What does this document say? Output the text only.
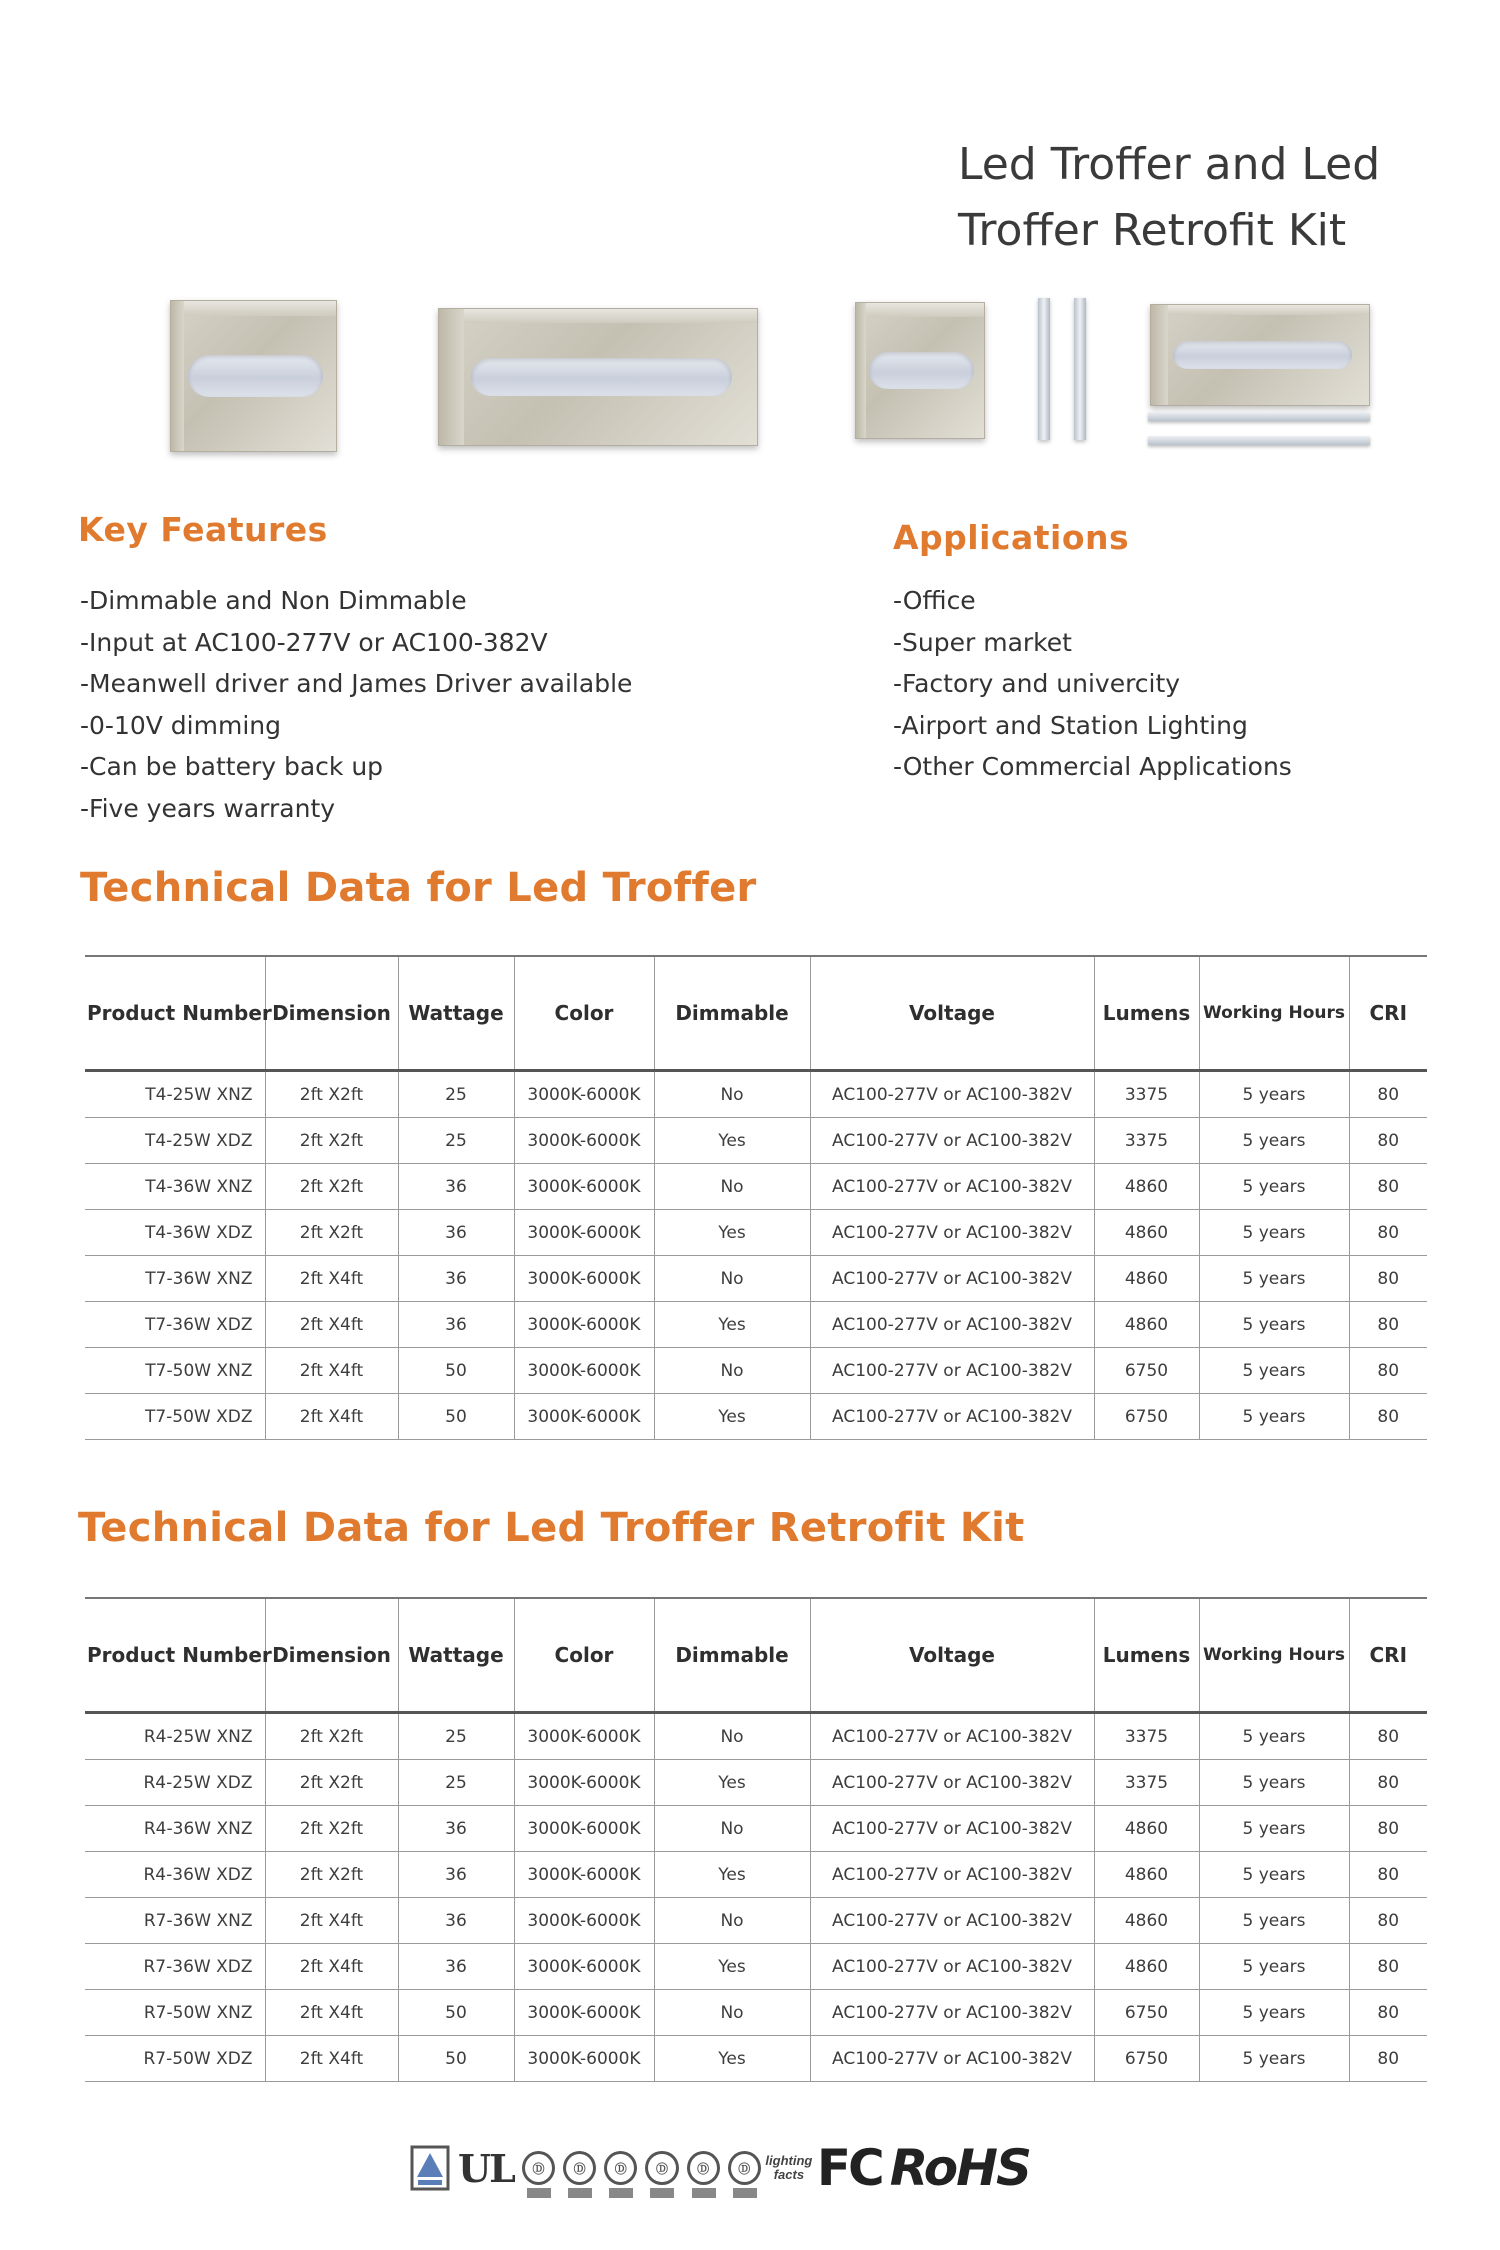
Led Troffer and Led
Troffer Retrofit Kit
Key Features
-Dimmable and Non Dimmable
-Input at AC100-277V or AC100-382V
-Meanwell driver and James Driver available
-0-10V dimming
-Can be battery back up
-Five years warranty
Applications
-Office
-Super market
-Factory and univercity
-Airport and Station Lighting
-Other Commercial Applications
Technical Data for Led Troffer
Product Number	Dimension	Wattage	Color	Dimmable	Voltage	Lumens	Working Hours	CRI
T4-25W XNZ	2ft X2ft	25	3000K-6000K	No	AC100-277V or AC100-382V	3375	5 years	80
T4-25W XDZ	2ft X2ft	25	3000K-6000K	Yes	AC100-277V or AC100-382V	3375	5 years	80
T4-36W XNZ	2ft X2ft	36	3000K-6000K	No	AC100-277V or AC100-382V	4860	5 years	80
T4-36W XDZ	2ft X2ft	36	3000K-6000K	Yes	AC100-277V or AC100-382V	4860	5 years	80
T7-36W XNZ	2ft X4ft	36	3000K-6000K	No	AC100-277V or AC100-382V	4860	5 years	80
T7-36W XDZ	2ft X4ft	36	3000K-6000K	Yes	AC100-277V or AC100-382V	4860	5 years	80
T7-50W XNZ	2ft X4ft	50	3000K-6000K	No	AC100-277V or AC100-382V	6750	5 years	80
T7-50W XDZ	2ft X4ft	50	3000K-6000K	Yes	AC100-277V or AC100-382V	6750	5 years	80
Technical Data for Led Troffer Retrofit Kit
Product Number	Dimension	Wattage	Color	Dimmable	Voltage	Lumens	Working Hours	CRI
R4-25W XNZ	2ft X2ft	25	3000K-6000K	No	AC100-277V or AC100-382V	3375	5 years	80
R4-25W XDZ	2ft X2ft	25	3000K-6000K	Yes	AC100-277V or AC100-382V	3375	5 years	80
R4-36W XNZ	2ft X2ft	36	3000K-6000K	No	AC100-277V or AC100-382V	4860	5 years	80
R4-36W XDZ	2ft X2ft	36	3000K-6000K	Yes	AC100-277V or AC100-382V	4860	5 years	80
R7-36W XNZ	2ft X4ft	36	3000K-6000K	No	AC100-277V or AC100-382V	4860	5 years	80
R7-36W XDZ	2ft X4ft	36	3000K-6000K	Yes	AC100-277V or AC100-382V	4860	5 years	80
R7-50W XNZ	2ft X4ft	50	3000K-6000K	No	AC100-277V or AC100-382V	6750	5 years	80
R7-50W XDZ	2ft X4ft	50	3000K-6000K	Yes	AC100-277V or AC100-382V	6750	5 years	80
UL	Ⓓ	Ⓓ	Ⓓ	Ⓓ	Ⓓ	Ⓓ
lighting facts FC RoHS
